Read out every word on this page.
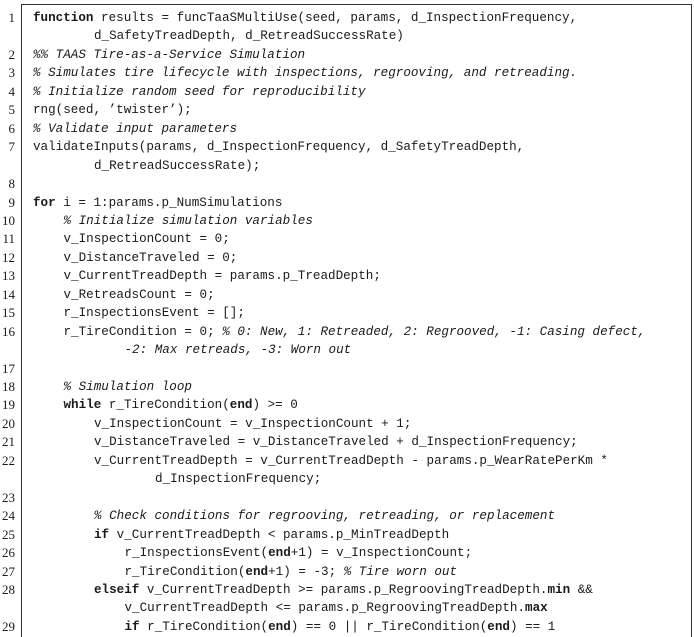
1 function results = funcTaaSMultiUse(seed, params, d_InspectionFrequency,
d_SafetyTreadDepth, d_RetreadSuccessRate)
2 %% TAAS Tire-as-a-Service Simulation
3 % Simulates tire lifecycle with inspections, regrooving, and retreading.
4 % Initialize random seed for reproducibility
5 rng(seed, ’twister’);
6 % Validate input parameters
7 validateInputs(params, d_InspectionFrequency, d_SafetyTreadDepth,
d_RetreadSuccessRate);
8
9 for i = 1:params.p_NumSimulations
10	% Initialize simulation variables
11	v_InspectionCount = 0;
12	v_DistanceTraveled = 0;
13	v_CurrentTreadDepth = params.p_TreadDepth;
14	v_RetreadsCount = 0;
15	r_InspectionsEvent = [];
16	r_TireCondition = 0; % 0: New, 1: Retreaded, 2: Regrooved, -1: Casing defect,
-2: Max retreads, -3: Worn out
17
18	% Simulation loop
19	while r_TireCondition(end) >= 0
20	v_InspectionCount = v_InspectionCount + 1;
21	v_DistanceTraveled = v_DistanceTraveled + d_InspectionFrequency;
22	v_CurrentTreadDepth = v_CurrentTreadDepth - params.p_WearRatePerKm *
d_InspectionFrequency;
23
24	% Check conditions for regrooving, retreading, or replacement
25	if v_CurrentTreadDepth < params.p_MinTreadDepth
26	r_InspectionsEvent(end+1) = v_InspectionCount;
27	r_TireCondition(end+1) = -3; % Tire worn out
28	elseif v_CurrentTreadDepth >= params.p_RegroovingTreadDepth.min &&
v_CurrentTreadDepth <= params.p_RegroovingTreadDepth.max
29	if r_TireCondition(end) == 0 || r_TireCondition(end) == 1
